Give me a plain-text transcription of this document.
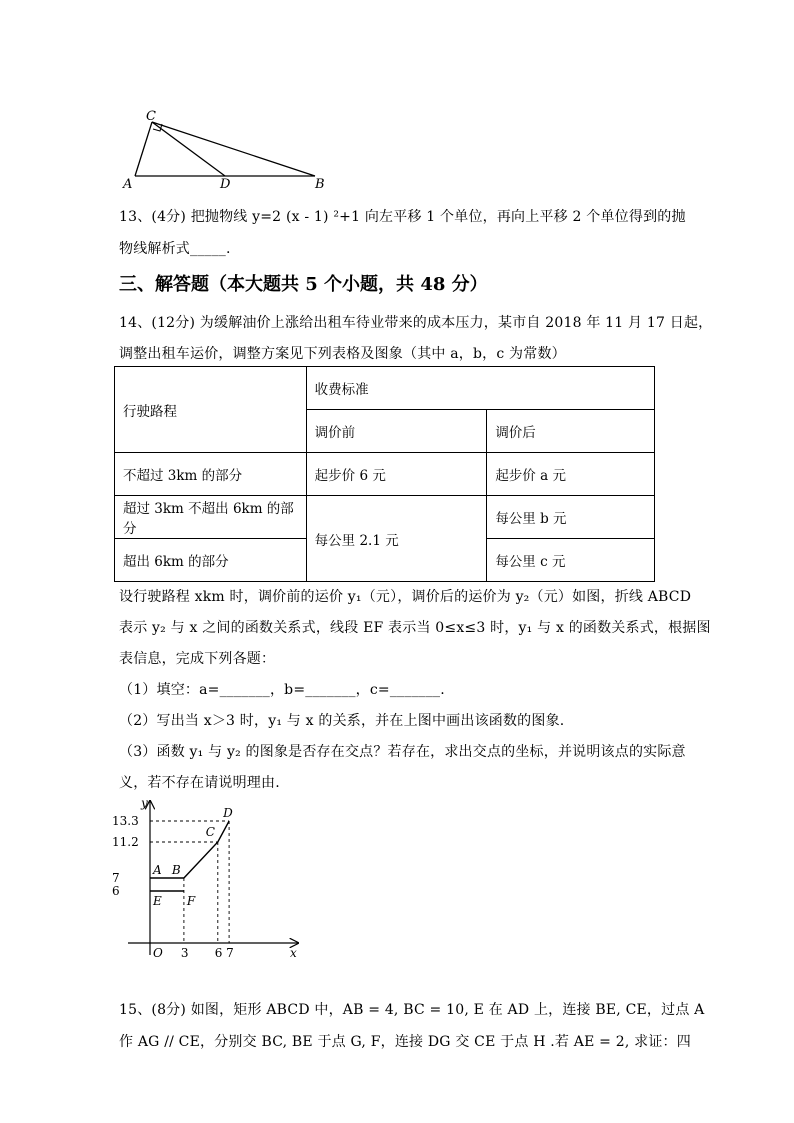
C
A	D	B
13、(4分) 把抛物线 y=2 (x - 1) ²+1 向左平移 1 个单位，再向上平移 2 个单位得到的抛
物线解析式_____.
三、解答题（本大题共 5 个小题，共 48 分）
14、(12分) 为缓解油价上涨给出租车待业带来的成本压力，某市自 2018 年 11 月 17 日起，
调整出租车运价，调整方案见下列表格及图象（其中 a，b，c 为常数）
行驶路程	收费标准	
	调价前	调价后
不超过 3km 的部分	起步价 6 元	起步价 a 元
超过 3km 不超出 6km 的部分	每公里 2.1 元	每公里 b 元
超出 6km 的部分		每公里 c 元
设行驶路程 xkm 时，调价前的运价 y₁（元），调价后的运价为 y₂（元）如图，折线 ABCD
表示 y₂ 与 x 之间的函数关系式，线段 EF 表示当 0≤x≤3 时，y₁ 与 x 的函数关系式，根据图
表信息，完成下列各题：
（1）填空：a=_______，b=_______，c=_______.
（2）写出当 x＞3 时，y₁ 与 x 的关系，并在上图中画出该函数的图象.
（3）函数 y₁ 与 y₂ 的图象是否存在交点？若存在，求出交点的坐标，并说明该点的实际意
义，若不存在请说明理由.
A B
C
D
E F
13.3
11.2
7
6
3 6 7
O	x
y
15、(8分) 如图，矩形 ABCD 中，AB = 4, BC = 10, E 在 AD 上，连接 BE, CE，过点 A
作 AG // CE，分别交 BC, BE 于点 G, F，连接 DG 交 CE 于点 H .若 AE = 2, 求证：四
